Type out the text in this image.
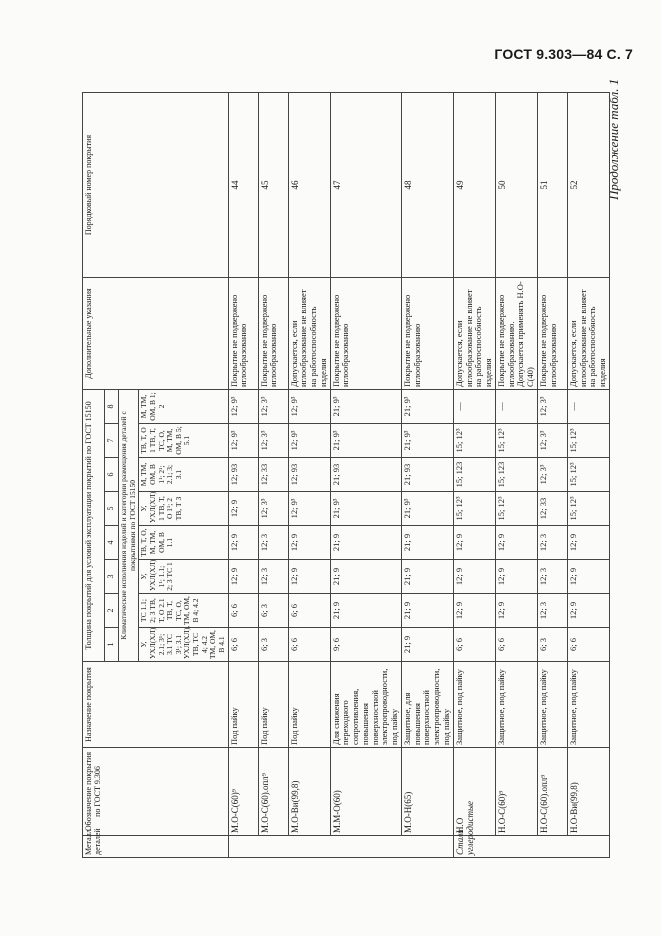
ГОСТ 9.303—84 С. 7
Продолжение табл. 1
Металл деталей	Обозначение покрытия по ГОСТ 9.306	Назначение покрытия	Толщина покрытий для условий эксплуатации покрытий по ГОСТ 15150								Дополнительные указания	Порядковый номер покрытия
			1	2	3	4	5	6	7	8		
			Климатические исполнения изделий и категории размещения деталей с покрытиями по ГОСТ 15150									
			У, УХЛ(ХЛ) 2.1; 3¹; 3.1 ТС 3¹; 3.1 УХЛ(ХЛ), ТВ, ТС 4; 4.2 ТМ, ОМ, В 4.1	ТС 1.1; 2; 3 ТВ, Т, О 2.1 ТВ, Т, ТС, О, ТМ, ОМ, В 4; 4.2	У, УХЛ(ХЛ) 1¹; 1.1; 2; 3 ТС 1	ТВ, Т, О, М, ТМ, ОМ, В 1.1	У, УХЛ(ХЛ) 1 ТВ, Т, О 1¹; 2 ТВ, Т 3	М, ТМ, ОМ, В 1¹; 2¹; 2.1; 3; 3.1	ТВ, Т, О 1 ТВ, Т, ТС, О, М, ТМ, ОМ, В 5; 5.1	М, ТМ, ОМ, В 1; 2		
	М.О-С(60)⁹	Под пайку	6; 6	6; 6	12; 9	12; 9	12; 9	12; 93	12; 9³	12; 9³	Покрытие не подвержено иглообразованию	44
	М.О-С(60).опл⁹	Под пайку	6; 3	6; 3	12; 3	12; 3	12; 3³	12; 33	12; 3³	12; 3³	Покрытие не подвержено иглообразованию	45
	М.О-Ви(99,8)	Под пайку	6; 6	6; 6	12; 9	12; 9	12; 9³	12; 93	12; 9³	12; 9³	Допускается, если иглообразование не влияет на работоспособность изделия	46
	М.М-О(60)	Для снижения переходного сопротивления, повышения поверхностной электропроводности, под пайку	9; 6	21; 9	21; 9	21; 9	21; 9³	21; 93	21; 9³	21; 9³	Покрытие не подвержено иглообразованию	47
	М.О-Н(65)	Защитное, для повышения поверхностной электропроводности, под пайку	21; 9	21; 9	21; 9	21; 9	21; 9³	21; 93	21; 9³	21; 9³	Покрытие не подвержено иглообразованию	48
Стали углеродистые	Н.О	Защитное, под пайку	6; 6	12; 9	12; 9	12; 9	15; 12³	15; 123	15; 12³	—	Допускается, если иглообразование не влияет на работоспособность изделия	49
	Н.О-С(60)⁹	Защитное, под пайку	6; 6	12; 9	12; 9	12; 9	15; 12³	15; 123	15; 12³	—	Покрытие не подвержено иглообразованию. Допускается применять Н.О-С(40)	50
	Н.О-С(60).опл⁹	Защитное, под пайку	6; 3	12; 3	12; 3	12; 3	12; 33	12; 3³	12; 3³	12; 3³	Покрытие не подвержено иглообразованию	51
	Н.О-Ви(99,8)	Защитное, под пайку	6; 6	12; 9	12; 9	12; 9	15; 12³	15; 12³	15; 12³	—	Допускается, если иглообразование не влияет на работоспособность изделия	52
